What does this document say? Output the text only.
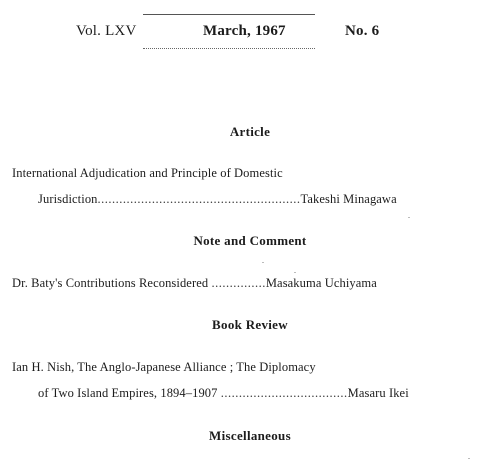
Vol. LXV	March, 1967	No. 6
Article
International Adjudication and Principle of Domestic
Jurisdiction........................................................Takeshi Minagawa
Note and Comment
Dr. Baty's Contributions Reconsidered ...............Masakuma Uchiyama
Book Review
Ian H. Nish, The Anglo-Japanese Alliance ; The Diplomacy
of Two Island Empires, 1894–1907 ...................................Masaru Ikei
Miscellaneous
